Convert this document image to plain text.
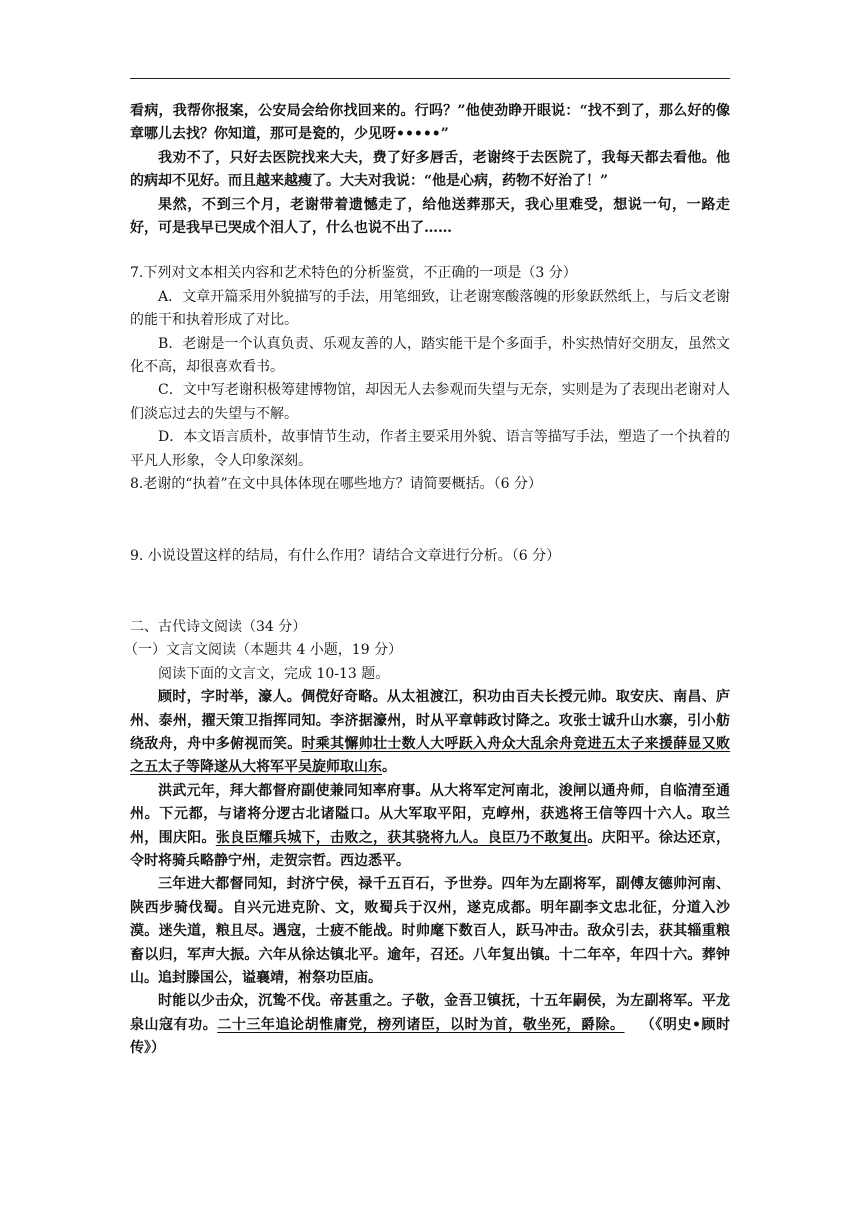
看病，我帮你报案，公安局会给你找回来的。行吗？”他使劲睁开眼说：“找不到了，那么好的像章哪儿去找？你知道，那可是瓷的，少见呀•••••”

我劝不了，只好去医院找来大夫，费了好多唇舌，老谢终于去医院了，我每天都去看他。他的病却不见好。而且越来越瘦了。大夫对我说：“他是心病，药物不好治了！”

果然，不到三个月，老谢带着遗憾走了，给他送葬那天，我心里难受，想说一句，一路走好，可是我早已哭成个泪人了，什么也说不出了……

7.下列对文本相关内容和艺术特色的分析鉴赏，不正确的一项是（3 分）

A．文章开篇采用外貌描写的手法，用笔细致，让老谢寒酸落魄的形象跃然纸上，与后文老谢的能干和执着形成了对比。

B．老谢是一个认真负责、乐观友善的人，踏实能干是个多面手，朴实热情好交朋友，虽然文化不高，却很喜欢看书。

C．文中写老谢积极筹建博物馆，却因无人去参观而失望与无奈，实则是为了表现出老谢对人们淡忘过去的失望与不解。

D．本文语言质朴，故事情节生动，作者主要采用外貌、语言等描写手法，塑造了一个执着的平凡人形象，令人印象深刻。

8.老谢的“执着”在文中具体体现在哪些地方？请简要概括。（6 分）

9. 小说设置这样的结局，有什么作用？请结合文章进行分析。（6 分）

二、古代诗文阅读（34 分）

（一）文言文阅读（本题共 4 小题，19 分）

阅读下面的文言文，完成 10-13 题。

顾时，字时举，濠人。倜傥好奇略。从太祖渡江，积功由百夫长授元帅。取安庆、南昌、庐州、泰州，擢天策卫指挥同知。李济据濠州，时从平章韩政讨降之。攻张士诚升山水寨，引小舫绕敌舟，舟中多俯视而笑。时乘其懈帅壮士数人大呼跃入舟众大乱余舟竞进五太子来援薛显又败之五太子等降遂从大将军平吴旋师取山东。

洪武元年，拜大都督府副使兼同知率府事。从大将军定河南北，浚闸以通舟师，自临清至通州。下元都，与诸将分逻古北诸隘口。从大军取平阳，克崞州，获逃将王信等四十六人。取兰州，围庆阳。张良臣耀兵城下，击败之，获其骁将九人。良臣乃不敢复出。庆阳平。徐达还京，令时将骑兵略静宁州，走贺宗哲。西边悉平。

三年进大都督同知，封济宁侯，禄千五百石，予世券。四年为左副将军，副傅友德帅河南、陕西步骑伐蜀。自兴元进克阶、文，败蜀兵于汉州，遂克成都。明年副李文忠北征，分道入沙漠。迷失道，粮且尽。遇寇，士疲不能战。时帅麾下数百人，跃马冲击。敌众引去，获其辎重粮畜以归，军声大振。六年从徐达镇北平。逾年，召还。八年复出镇。十二年卒，年四十六。葬钟山。追封滕国公，谥襄靖，祔祭功臣庙。

时能以少击众，沉鸷不伐。帝甚重之。子敬，金吾卫镇抚，十五年嗣侯，为左副将军。平龙泉山寇有功。二十三年追论胡惟庸党，榜列诸臣，以时为首，敬坐死，爵除。 （《明史•顾时传》）
